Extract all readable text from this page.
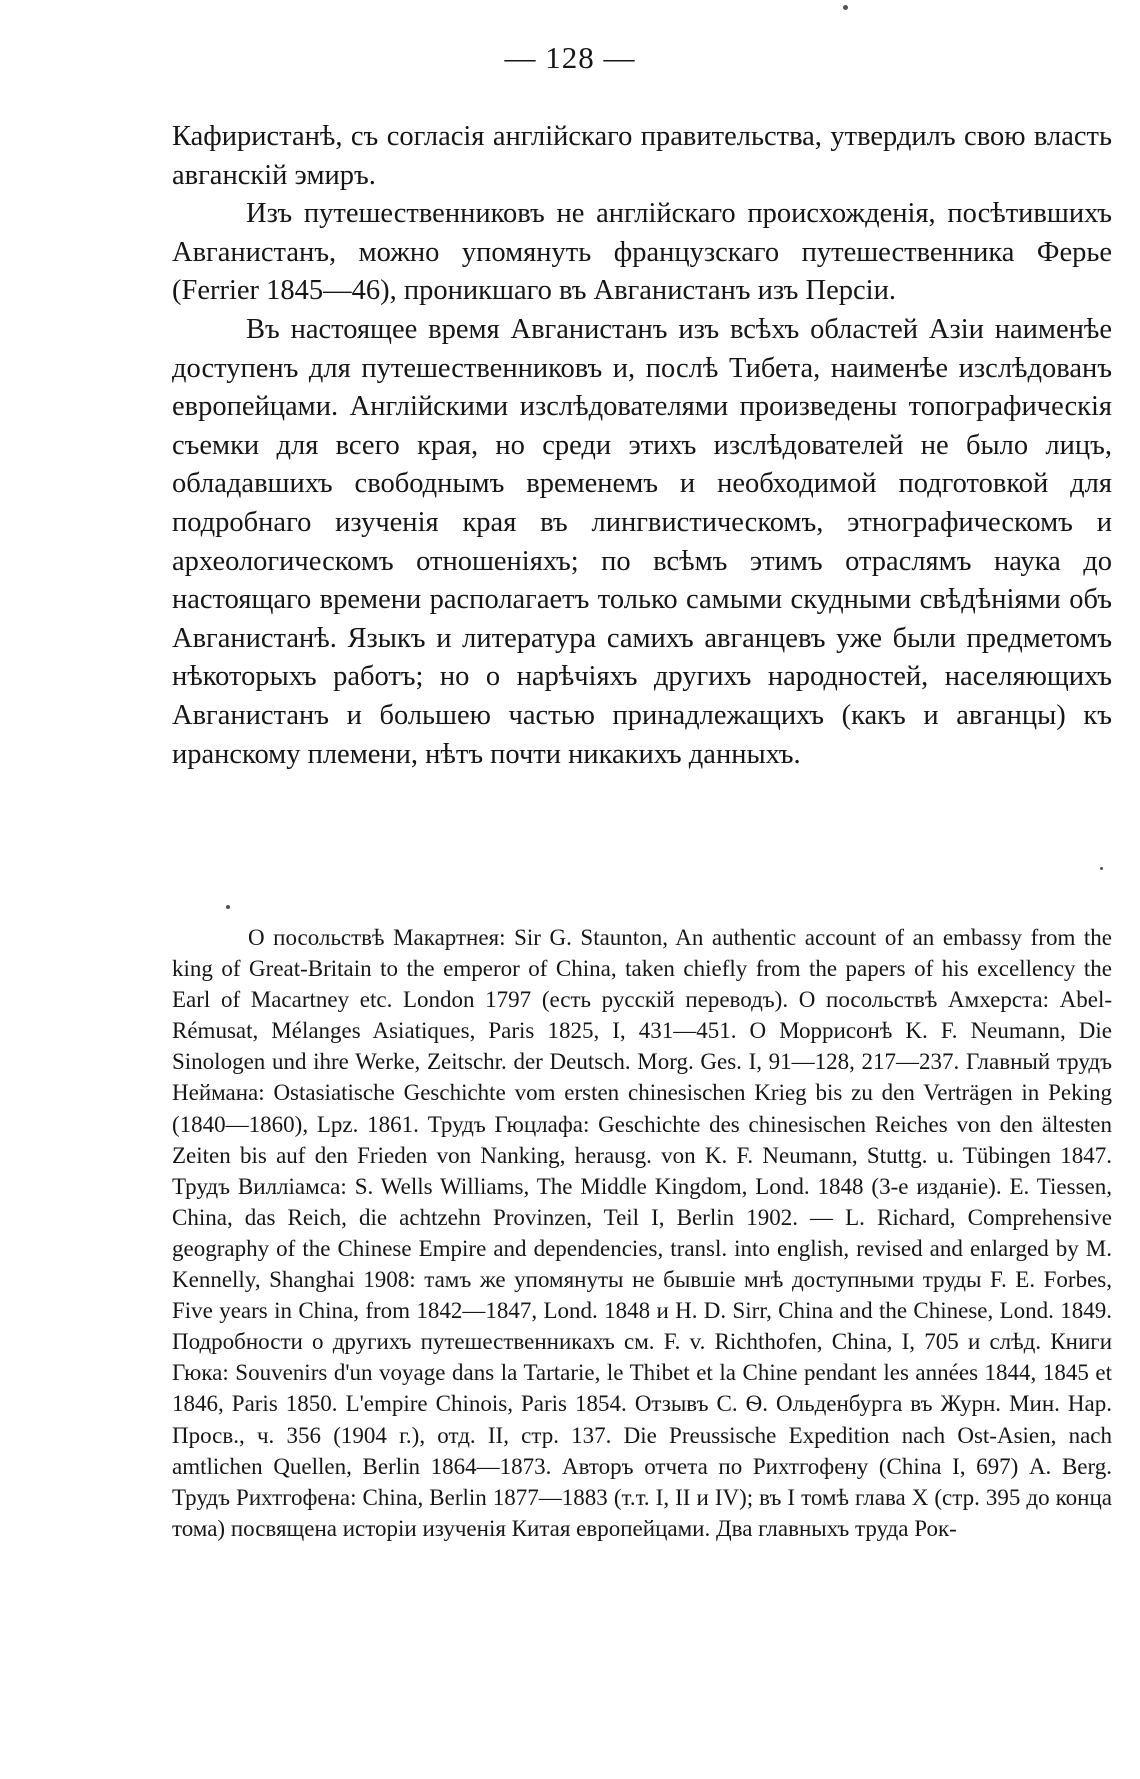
— 128 —

Кафиристанѣ, съ согласія англійскаго правительства, утвердилъ свою власть авганскій эмиръ.

Изъ путешественниковъ не англійскаго происхожденія, посѣтившихъ Авганистанъ, можно упомянуть французскаго путешественника Ферье (Ferrier 1845—46), проникшаго въ Авганистанъ изъ Персіи.

Въ настоящее время Авганистанъ изъ всѣхъ областей Азіи наименѣе доступенъ для путешественниковъ и, послѣ Тибета, наименѣе изслѣдованъ европейцами. Англійскими изслѣдователями произведены топографическія съемки для всего края, но среди этихъ изслѣдователей не было лицъ, обладавшихъ свободнымъ временемъ и необходимой подготовкой для подробнаго изученія края въ лингвистическомъ, этнографическомъ и археологическомъ отношеніяхъ; по всѣмъ этимъ отраслямъ наука до настоящаго времени располагаетъ только самыми скудными свѣдѣніями объ Авганистанѣ. Языкъ и литература самихъ авганцевъ уже были предметомъ нѣкоторыхъ работъ; но о нарѣчіяхъ другихъ народностей, населяющихъ Авганистанъ и большею частью принадлежащихъ (какъ и авганцы) къ иранскому племени, нѣтъ почти никакихъ данныхъ.

О посольствѣ Макартнея: Sir G. Staunton, An authentic account of an embassy from the king of Great-Britain to the emperor of China, taken chiefly from the papers of his excellency the Earl of Macartney etc. London 1797 (есть русскій переводъ). О посольствѣ Амхерста: Abel-Rémusat, Mélanges Asiatiques, Paris 1825, I, 431—451. О Моррисонѣ K. F. Neumann, Die Sinologen und ihre Werke, Zeitschr. der Deutsch. Morg. Ges. I, 91—128, 217—237. Главный трудъ Неймана: Ostasiatische Geschichte vom ersten chinesischen Krieg bis zu den Verträgen in Peking (1840—1860), Lpz. 1861. Трудъ Гюцлафа: Geschichte des chinesischen Reiches von den ältesten Zeiten bis auf den Frieden von Nanking, herausg. von K. F. Neumann, Stuttg. u. Tübingen 1847. Трудъ Вилліамса: S. Wells Williams, The Middle Kingdom, Lond. 1848 (3-е изданіе). E. Tiessen, China, das Reich, die achtzehn Provinzen, Teil I, Berlin 1902. — L. Richard, Comprehensive geography of the Chinese Empire and dependencies, transl. into english, revised and enlarged by M. Kennelly, Shanghai 1908: тамъ же упомянуты не бывшіе мнѣ доступными труды F. E. Forbes, Five years in China, from 1842—1847, Lond. 1848 и H. D. Sirr, China and the Chinese, Lond. 1849. Подробности о другихъ путешественникахъ см. F. v. Richthofen, China, I, 705 и слѣд. Книги Гюка: Souvenirs d'un voyage dans la Tartarie, le Thibet et la Chine pendant les années 1844, 1845 et 1846, Paris 1850. L'empire Chinois, Paris 1854. Отзывъ С. Ѳ. Ольденбурга въ Журн. Мин. Нар. Просв., ч. 356 (1904 г.), отд. II, стр. 137. Die Preussische Expedition nach Ost-Asien, nach amtlichen Quellen, Berlin 1864—1873. Авторъ отчета по Рихтгофену (China I, 697) A. Berg. Трудъ Рихтгофена: China, Berlin 1877—1883 (т.т. I, II и IV); въ I томѣ глава X (стр. 395 до конца тома) посвящена исторіи изученія Китая европейцами. Два главныхъ труда Рок-
